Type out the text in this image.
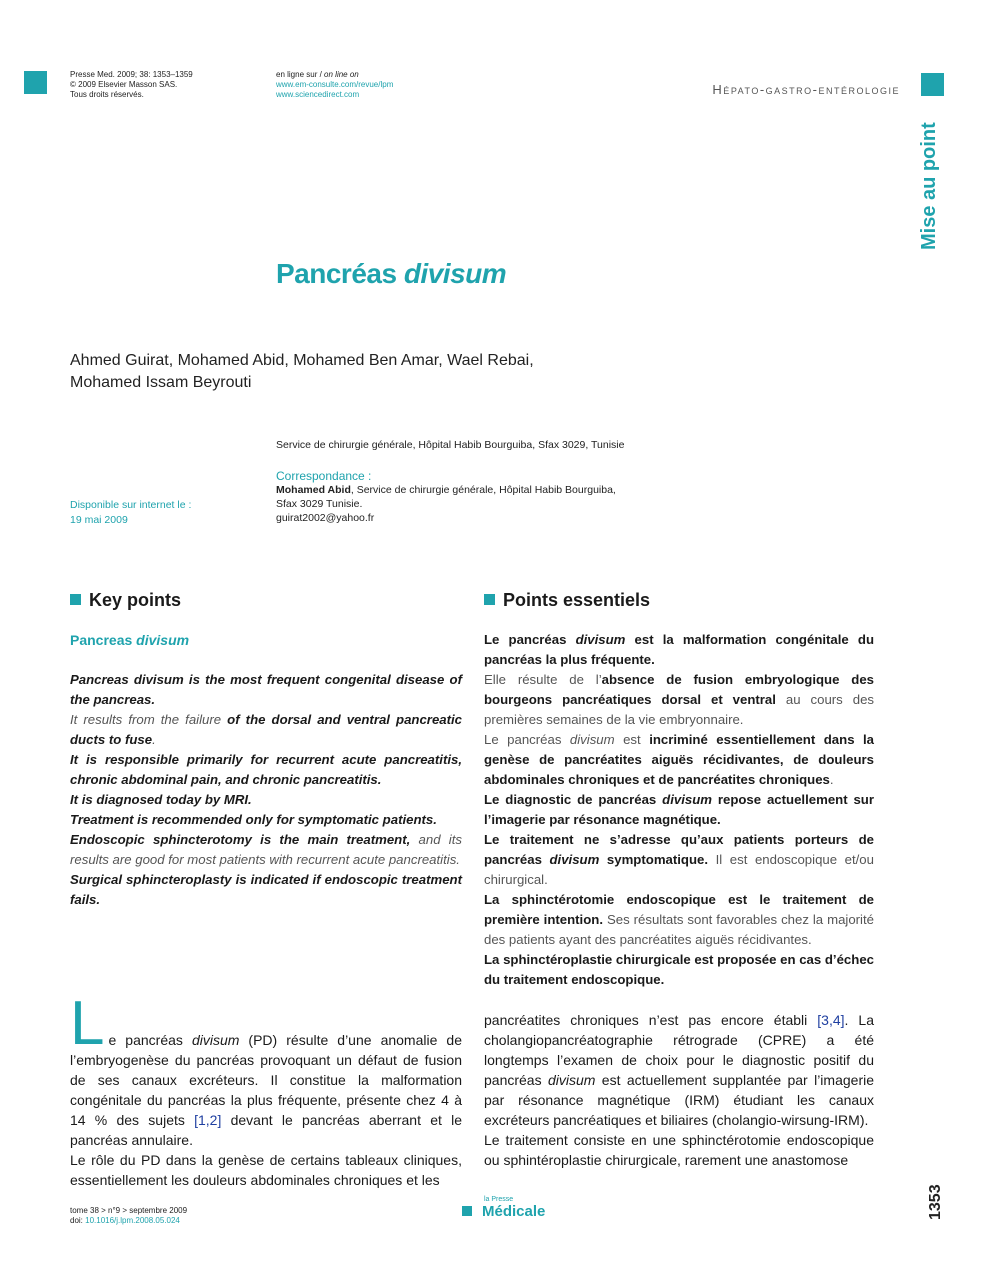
Presse Med. 2009; 38: 1353–1359
© 2009 Elsevier Masson SAS.
Tous droits réservés.
en ligne sur / on line on
www.em-consulte.com/revue/lpm
www.sciencedirect.com	Hépato-gastro-entérologie
Mise au point
Pancréas divisum
Ahmed Guirat, Mohamed Abid, Mohamed Ben Amar, Wael Rebai,
Mohamed Issam Beyrouti
Service de chirurgie générale, Hôpital Habib Bourguiba, Sfax 3029, Tunisie
Correspondance :
Mohamed Abid, Service de chirurgie générale, Hôpital Habib Bourguiba,
Sfax 3029 Tunisie.
guirat2002@yahoo.fr
Disponible sur internet le :
19 mai 2009
Key points
Pancreas divisum
Pancreas divisum is the most frequent congenital disease of the pancreas.
It results from the failure of the dorsal and ventral pancreatic ducts to fuse.
It is responsible primarily for recurrent acute pancreatitis, chronic abdominal pain, and chronic pancreatitis.
It is diagnosed today by MRI.
Treatment is recommended only for symptomatic patients.
Endoscopic sphincterotomy is the main treatment, and its results are good for most patients with recurrent acute pancreatitis.
Surgical sphincteroplasty is indicated if endoscopic treatment fails.
Points essentiels
Le pancréas divisum est la malformation congénitale du pancréas la plus fréquente.
Elle résulte de l’absence de fusion embryologique des bourgeons pancréatiques dorsal et ventral au cours des premières semaines de la vie embryonnaire.
Le pancréas divisum est incriminé essentiellement dans la genèse de pancréatites aiguës récidivantes, de douleurs abdominales chroniques et de pancréatites chroniques.
Le diagnostic de pancréas divisum repose actuellement sur l’imagerie par résonance magnétique.
Le traitement ne s’adresse qu’aux patients porteurs de pancréas divisum symptomatique. Il est endoscopique et/ou chirurgical.
La sphinctérotomie endoscopique est le traitement de première intention. Ses résultats sont favorables chez la majorité des patients ayant des pancréatites aiguës récidivantes.
La sphinctéroplastie chirurgicale est proposée en cas d’échec du traitement endoscopique.
Le pancréas divisum (PD) résulte d’une anomalie de l’embryogenèse du pancréas provoquant un défaut de fusion de ses canaux excréteurs. Il constitue la malformation congénitale du pancréas la plus fréquente, présente chez 4 à 14 % des sujets [1,2] devant le pancréas aberrant et le pancréas annulaire.
Le rôle du PD dans la genèse de certains tableaux cliniques, essentiellement les douleurs abdominales chroniques et les
pancréatites chroniques n’est pas encore établi [3,4]. La cholangiopancréatographie rétrograde (CPRE) a été longtemps l’examen de choix pour le diagnostic positif du pancréas divisum est actuellement supplantée par l’imagerie par résonance magnétique (IRM) étudiant les canaux excréteurs pancréatiques et biliaires (cholangio-wirsung-IRM).
Le traitement consiste en une sphinctérotomie endoscopique ou sphintéroplastie chirurgicale, rarement une anastomose
tome 38 > n°9 > septembre 2009
doi: 10.1016/j.lpm.2008.05.024
la Presse
Médicale	1353
